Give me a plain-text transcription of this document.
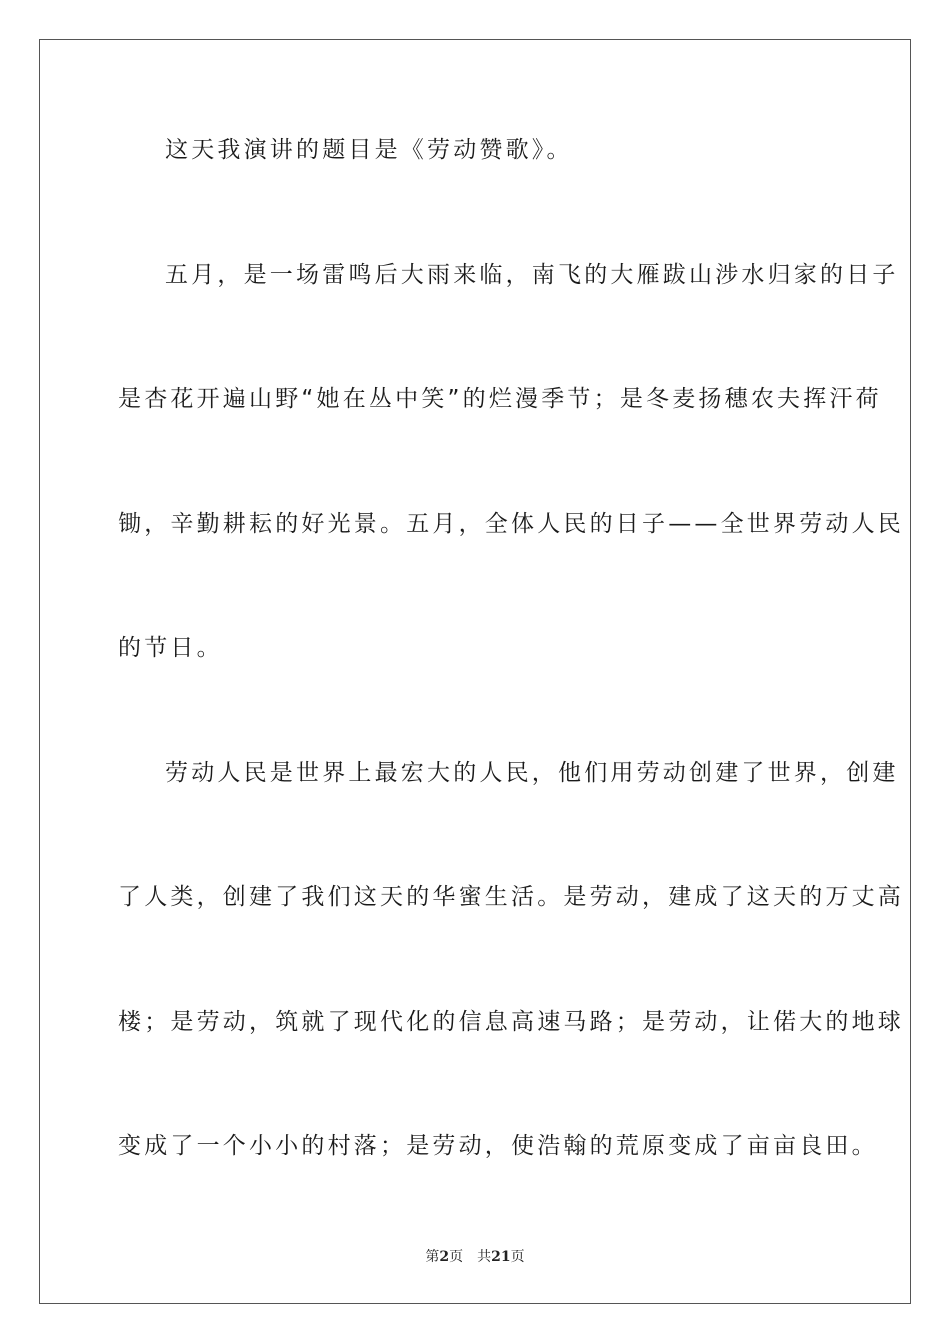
这天我演讲的题目是《劳动赞歌》。
五月，是一场雷鸣后大雨来临，南飞的大雁跋山涉水归家的日子
是杏花开遍山野“她在丛中笑”的烂漫季节；是冬麦扬穗农夫挥汗荷
锄，辛勤耕耘的好光景。五月，全体人民的日子——全世界劳动人民
的节日。
劳动人民是世界上最宏大的人民，他们用劳动创建了世界，创建
了人类，创建了我们这天的华蜜生活。是劳动，建成了这天的万丈高
楼；是劳动，筑就了现代化的信息高速马路；是劳动，让偌大的地球
变成了一个小小的村落；是劳动，使浩翰的荒原变成了亩亩良田。
第2页 共21页
